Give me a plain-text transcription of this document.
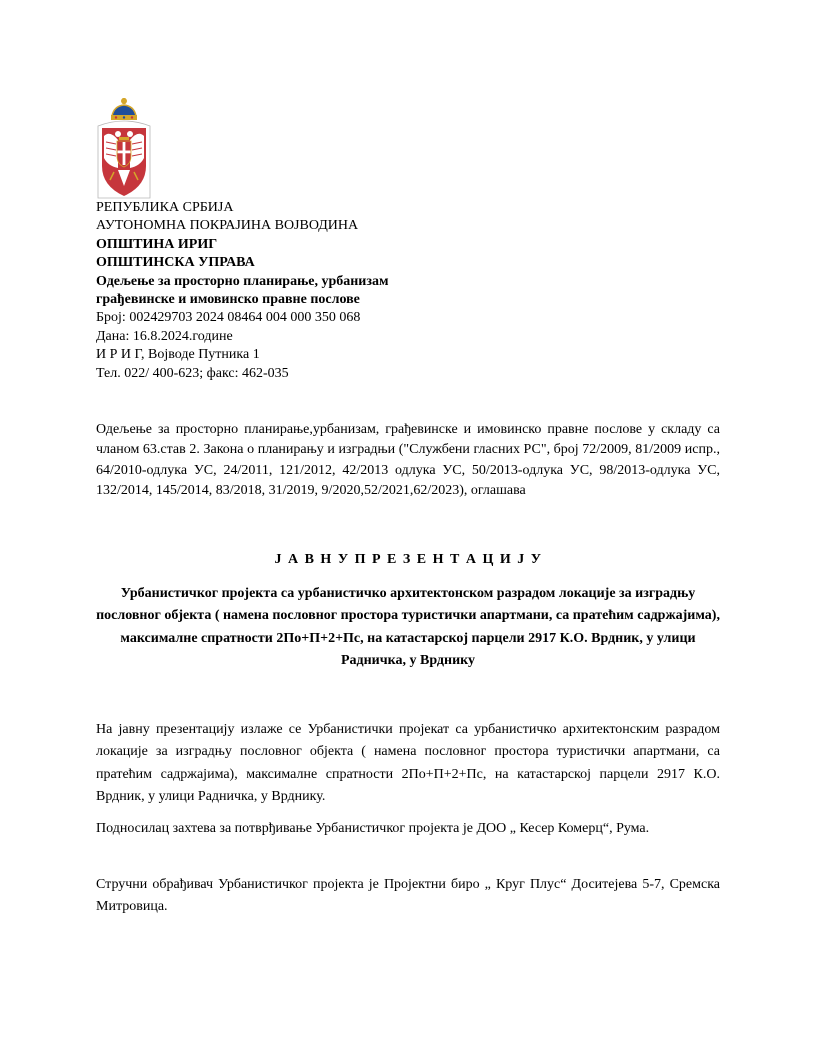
РЕПУБЛИКА СРБИЈА
АУТОНОМНА ПОКРАЈИНА ВОЈВОДИНА
ОПШТИНА ИРИГ
ОПШТИНСКА УПРАВА
Одељење за просторно планирање, урбанизам
грађевинске и имовинско правне послове
Број: 002429703 2024 08464 004 000 350 068
Дана: 16.8.2024.године
И Р И Г, Војводе Путника 1
Тел. 022/ 400-623; факс: 462-035
Одељење за просторно планирање,урбанизам, грађевинске и имовинско правне послове у складу са чланом 63.став 2. Закона о планирању и изградњи ("Службени гласних РС", број 72/2009, 81/2009 испр., 64/2010-одлука УС, 24/2011, 121/2012, 42/2013 одлука УС, 50/2013-одлука УС, 98/2013-одлука УС, 132/2014, 145/2014, 83/2018, 31/2019, 9/2020,52/2021,62/2023), оглашава
Ј А В Н У П Р Е З Е Н Т А Ц И Ј У
Урбанистичког пројекта са урбанистичко архитектонском разрадом локације за изградњу пословног објекта ( намена пословног простора туристички апартмани, са пратећим садржајима), максималне спратности 2По+П+2+Пс, на катастарској парцели 2917 К.О. Врдник, у улици Радничка, у Врднику
На јавну презентацију излаже се Урбанистички пројекат са урбанистичко архитектонским разрадом локације за изградњу пословног објекта ( намена пословног простора туристички апартмани, са пратећим садржајима), максималне спратности 2По+П+2+Пс, на катастарској парцели 2917 К.О. Врдник, у улици Радничка, у Врднику.
Подносилац захтева за потврђивање Урбанистичког пројекта је ДОО „ Кесер Комерц“, Рума.
Стручни обрађивач Урбанистичког пројекта је Пројектни биро „ Круг Плус“ Доситејева 5-7, Сремска Митровица.
